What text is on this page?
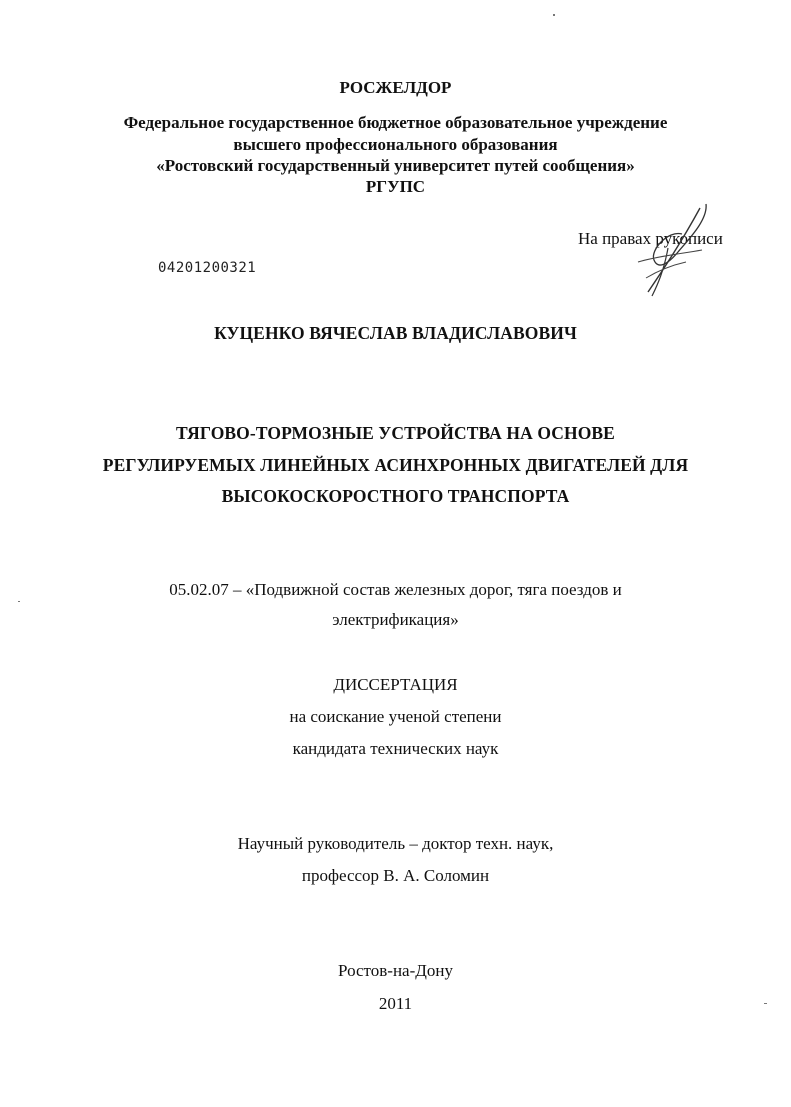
РОСЖЕЛДОР
Федеральное государственное бюджетное образовательное учреждение
высшего профессионального образования
«Ростовский государственный университет путей сообщения»
РГУПС
На правах рукописи
04201200321
КУЦЕНКО ВЯЧЕСЛАВ ВЛАДИСЛАВОВИЧ
ТЯГОВО-ТОРМОЗНЫЕ УСТРОЙСТВА НА ОСНОВЕ
РЕГУЛИРУЕМЫХ ЛИНЕЙНЫХ АСИНХРОННЫХ ДВИГАТЕЛЕЙ ДЛЯ
ВЫСОКОСКОРОСТНОГО ТРАНСПОРТА
05.02.07 – «Подвижной состав железных дорог, тяга поездов и
электрификация»
ДИССЕРТАЦИЯ
на соискание ученой степени
кандидата технических наук
Научный руководитель – доктор техн. наук,
профессор В. А. Соломин
Ростов-на-Дону
2011
